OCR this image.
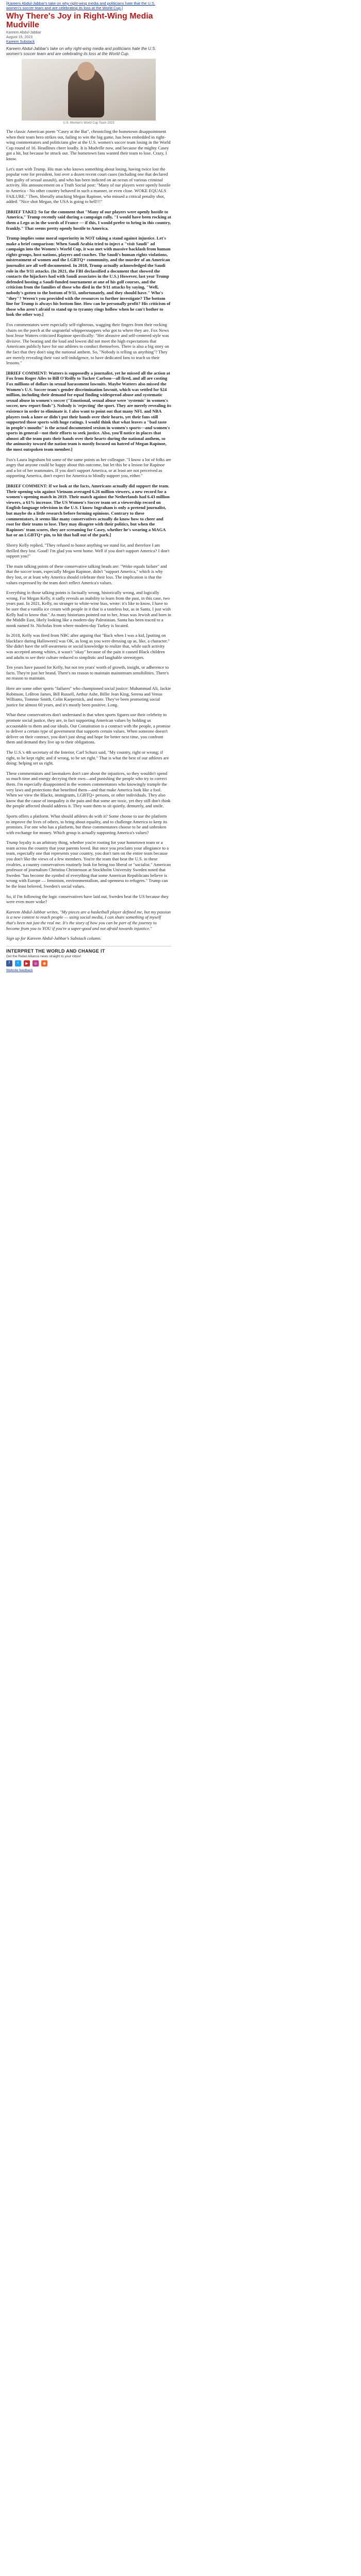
[Kareem Abdul-Jabbar's take on why right-wing media and politicians hate that the U.S. women's soccer team and are celebrating its loss at the World Cup.]
Why There's Joy in Right-Wing Media Mudville
Kareem Abdul-Jabbar
August 15, 2023
Kareem Substack
Kareem Abdul-Jabbar's take on why right-wing media and politicians hate the U.S. women's soccer team and are celebrating its loss at the World Cup.
U.S. Women's World Cup Team 2023

The classic American poem "Casey at the Bat", chronicling the hometown disappointment when their team hero strikes out, failing to win the big game, has been embedded in right-wing commentators and politicians glee at the U.S. women's soccer team losing in the World Cup round of 16. Headlines cheer loudly. It is Mudville now, and because the mighty Casey got a hit, but because he struck out. The hometown fans wanted their team to lose. Crazy, I know.

Let's start with Trump. His man who knows something about losing, having twice lost the popular vote for president, lost over a dozen recent court cases (including one that declared him guilty of sexual assault), and who has been indicted on an ocean of various criminal activity. His announcement on a Truth Social post: "Many of our players were openly hostile to America - No other country behaved in such a manner, or even close. WOKE EQUALS FAILURE." Then, liberally attacking Megan Rapinoe, who missed a critical penalty shot, added: "Nice shot Megan, the USA is going to hell!!!"

[BRIEF TAKE]: So far the comment that "Many of our players were openly hostile to America," Trump recently said during a campaign rally, "I would have been rocking at them a Lego as in the words of France — if this, I would prefer to bring in this country, frankly." That seems pretty openly hostile to America.

Trump implies some moral superiority in NOT taking a stand against injustice. Let's make a brief comparison: When Saudi Arabia tried to inject a "visit Saudi" ad campaign into the Women's World Cup, it was met with massive backlash from human rights groups, host nations, players and coaches. The Saudi's human rights violations, mistreatment of women and the LGBTQ+ community, and the murder of an American journalist are all well documented. In 2018, Trump actually acknowledged the Saudi role in the 9/11 attacks. (In 2021, the FBI declassified a document that showed the contacts the hijackers had with Saudi associates in the U.S.) However, last year Trump defended hosting a Saudi-funded tournament at one of his golf courses, and the criticism from the families of those who died in the 9/11 attacks by saying, "Well, nobody's gotten to the bottom of 9/11, unfortunately, and they should have." Who's "they"? Weren't you provided with the resources to further investigate? The bottom line for Trump is always his bottom line. How can he personally profit? His criticism of those who aren't afraid to stand up to tyranny rings hollow when he can't bother to look the other way.]

Fox commentators were especially self-righteous, wagging their fingers from their rocking chairs on the porch at the ungrateful whippersnappers who got to where they are. Fox News host Jesse Watters criticized Rapinoe specifically: "Her abrasive and self-centered style was divisive. The beating and the loud and lowest did not meet the high expectations that Americans publicly have for our athletes to conduct themselves. There is also a big story on the fact that they don't sing the national anthem. So, "Nobody is telling us anything"? They are merely revealing their vast self-indulgence, to have dedicated fans to teach us their lessons."

[BRIEF COMMENT: Watters is supposedly a journalist, yet he missed all the action at Fox from Roger Ailes to Bill O'Reilly to Tucker Carlson—all fired, and all are costing Fox millions of dollars in sexual harassment lawsuits. Maybe Watters also missed the Women's U.S. Soccer team's gender discrimination lawsuit, which was settled for $24 million, including their demand for equal finding widespread abuse and systematic sexual abuse in women's soccer ("Emotional, sexual abuse were 'systemic' in women's soccer, new report finds"). Nobody is 'rejecting' the sport. They are merely revealing its existence in order to eliminate it. I also want to point out that many NFL and NBA players took a knee or didn't put their hands over their hearts, yet their fans still supported those sports with huge ratings. I would think that what leaves a "bad taste in people's mouths" is the actual documented sexism in women's sports—and women's sports in general—not their efforts to seek justice. Also, you'll notice in places that almost all the team puts their hands over their hearts during the national anthem, so the animosity toward the nation team is mostly focused on hatred of Megan Rapinoe, the most outspoken team member.]

Fox's Laura Ingraham hit some of the same points as her colleague. "I know a lot of folks are angry that anyone could be happy about this outcome, but let this be a lesson for Rapinoe and a lot of her teammates. If you don't support America, or at least are not perceived as supporting America, don't expect for America to blindly support you, either."

[BRIEF COMMENT: If we look at the facts, Americans actually did support the team. Their opening win against Vietnam averaged 6.26 million viewers, a new record for a women's opening match in 2019. Their match against the Netherlands had 6.43 million viewers, a 61% increase. The US Women's Soccer team set a viewership record on English-language television in the U.S. I know Ingraham is only a pretend journalist, but maybe do a little research before forming opinions. Contrary to these commentators, it seems like many conservatives actually do know how to cheer and root for their teams to lose. They may disagree with their politics, but when the Rapinoes' team scores, they are screaming for Casey, whether he's wearing a MAGA hat or an LGBTQ+ pin, to hit that ball out of the park.]

Sherry Kelly replied, "They refused to honor anything we stand for, and therefore I am thrilled they lost. Good! I'm glad you went home. Well if you don't support America? I don't support you!"

The main talking points of these conservative talking heads are: "Woke equals failure" and that the soccer team, especially Megan Rapinoe, didn't "support America," which is why they lost, or at least why America should celebrate their loss. The implication is that the values expressed by the team don't reflect America's values.

Everything in those talking points is factually wrong, historically wrong, and logically wrong. For Megan Kelly, it sadly reveals an inability to learn from the past, in this case, two years past. In 2021, Kelly, no stranger to white-wine bias, wrote: it's like to know, I have to be sure that a vanilla ice cream with people in it that is a tasteless but, as in Santa, I just wish Kelly had to know that." As many historians pointed out to her, Jesus was Jewish and born in the Middle East, likely looking like a modern-day Palestinian. Santa has been traced to a monk named St. Nicholas from where modern-day Turkey is located.

In 2018, Kelly was fired from NBC after arguing that "Back when I was a kid, [putting on blackface during Halloween] was OK, as long as you were dressing up as, like, a character." She didn't have the self-awareness or social knowledge to realize that, while such activity was accepted among whites, it wasn't "okay" because of the pain it caused Black children and adults to see their culture reduced to simplistic and laughable stereotypes.

Ten years have passed for Kelly, but not ten years' worth of growth, insight, or adherence to facts. They're just her brand. There's no reason to maintain mainstream sensibilities. There's no reason to maintain.

Here are some other sports "failures" who championed social justice: Muhammad Ali, Jackie Robinson, LeBron James, Bill Russell, Arthur Ashe, Billie Jean King, Serena and Venus Williams, Tommie Smith, Colin Kaepernick, and more. They've been promoting social justice for almost 60 years, and it's mostly been positive. Long.

What these conservatives don't understand is that when sports figures use their celebrity to promote social justice, they are, in fact supporting American values by holding us accountable to them and our ideals. Our Constitution is a contract with the people, a promise to deliver a certain type of government that supports certain values. When someone doesn't deliver on their contract, you don't just shrug and hope for better next time, you confront them and demand they live up to their obligations.

The U.S.'s 4th secretary of the Interior, Carl Schurz said, "My country, right or wrong; if right, to be kept right; and if wrong, to be set right." That is what the best of our athletes are doing: helping set us right.

These commentators and lawmakers don't care about the injustices, so they wouldn't spend so much time and energy decrying their own—and punishing the people who try to correct them. I'm especially disappointed in the women commentators who knowingly trample the very laws and protections that benefited them—and that make America look like a fool. When we view the Blacks, immigrants, LGBTQ+ persons, or other individuals. They also know that the cause of inequality is the pain and that some are toxic, yet they still don't think the people affected should address it. They want them to sit quietly, demurely, and smile.

Sports offers a platform. What should athletes do with it? Some choose to use the platform to improve the lives of others, to bring about equality, and to challenge America to keep its promises. For one who has a platform, but these commentators choose to be and unbroken with exchange for money. Which group is actually supporting America's values?

Trump loyalty is an arbitrary thing, whether you're rooting for your hometown team or a team across the country that your parents loved. But once you proclaim your allegiance to a team, especially one that represents your country, you don't turn on the entire team because you don't like the views of a few members. You're the team that beat the U.S. in these rivalries, a country conservatives routinely look for being too liberal or "socialist." American professor of journalism Christina Christenson at Stockholm University Sweden noted that Sweden "has become the symbol of everything that some American Republicans believe is wrong with Europe — feminism, environmentalism, and openness to refugees." Trump can be the least beloved, Sweden's social values.

So, if I'm following the logic conservatives have laid out, Sweden beat the US because they were even more woke?

Kareem Abdul-Jabbar writes, "My pieces are a basketball player defined me, but my passion is a new context to reach people — using social media, I can share something of myself that's been not just the real me. It's the story of how you can be part of the journey to become from you to YOU if you're a super-good and not afraid towards injustice."

Sign up for Kareem Abdul-Jabbar's Substack column.

INTERPRET THE WORLD AND CHANGE IT
Get the Rebel Alliance news straight to your inbox!
f	t	▶	◎	◉
Website feedback
